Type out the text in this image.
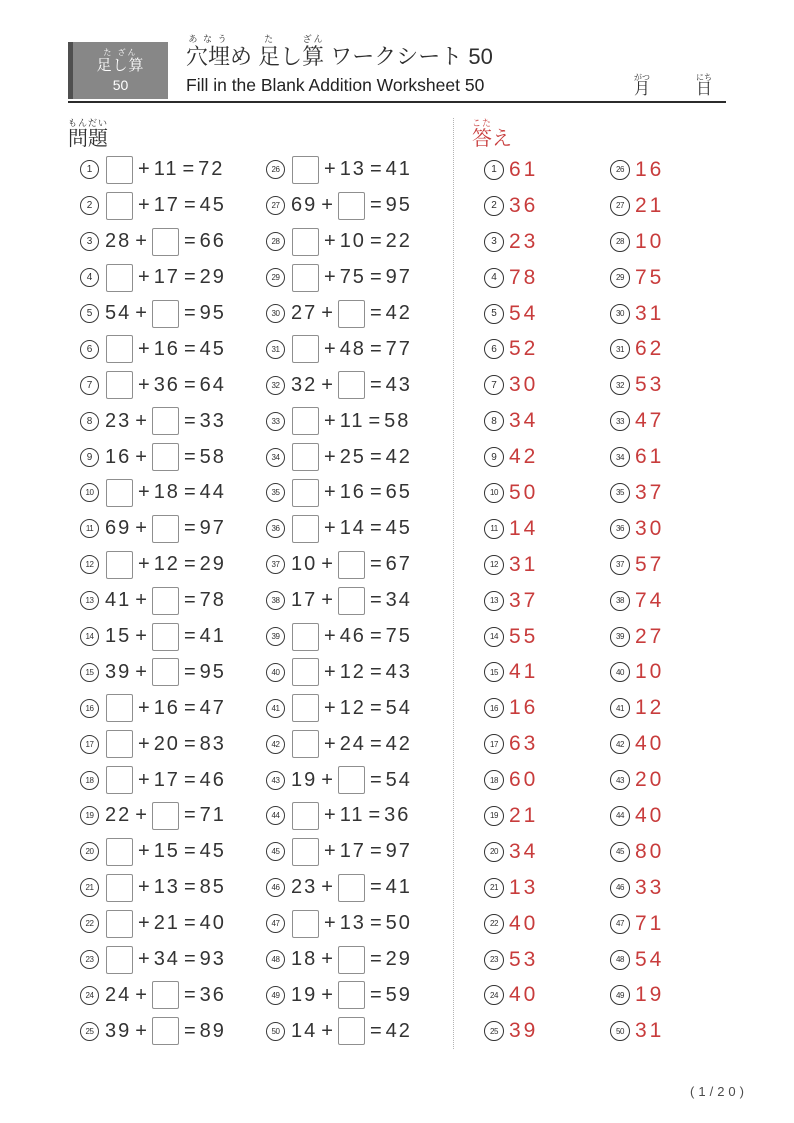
た ざん
足し算
50
穴埋あなうめ 足たし算ざん ワークシート 50
Fill in the Blank Addition Worksheet 50	月がつ
日にち
問題もんだい
1	+ 11 = 72
2	+ 17 = 45
3 28 + = 66
4	+ 17 = 29
5 54 + = 95
6	+ 16 = 45
7	+ 36 = 64
8 23 + = 33
9 16 + = 58
10 + 18 = 44
11 69 + = 97
12 + 12 = 29
13 41 + = 78
14 15 + = 41
15 39 + = 95
16 + 16 = 47
17 + 20 = 83
18 + 17 = 46
19 22 + = 71
20 + 15 = 45
21 + 13 = 85
22 + 21 = 40
23 + 34 = 93
24 24 + = 36
25 39 + = 89
26 + 13 = 41
27 69 + = 95
28 + 10 = 22
29 + 75 = 97
30 27 + = 42
31 + 48 = 77
32 32 + = 43
33 + 11 = 58
34 + 25 = 42
35 + 16 = 65
36 + 14 = 45
37 10 + = 67
38 17 + = 34
39 + 46 = 75
40 + 12 = 43
41 + 12 = 54
42 + 24 = 42
43 19 + = 54
44 + 11 = 36
45 + 17 = 97
46 23 + = 41
47 + 13 = 50
48 18 + = 29
49 19 + = 59
50 14 + = 42
答こたえ
1 61
2 36
3 23
4 78
5 54
6 52
7 30
8 34
9 42
10 50
11 14
12 31
13 37
14 55
15 41
16 16
17 63
18 60
19 21
20 34
21 13
22 40
23 53
24 40
25 39
26 16
27 21
28 10
29 75
30 31
31 62
32 53
33 47
34 61
35 37
36 30
37 57
38 74
39 27
40 10
41 12
42 40
43 20
44 40
45 80
46 33
47 71
48 54
49 19
50 31
(1/20)
